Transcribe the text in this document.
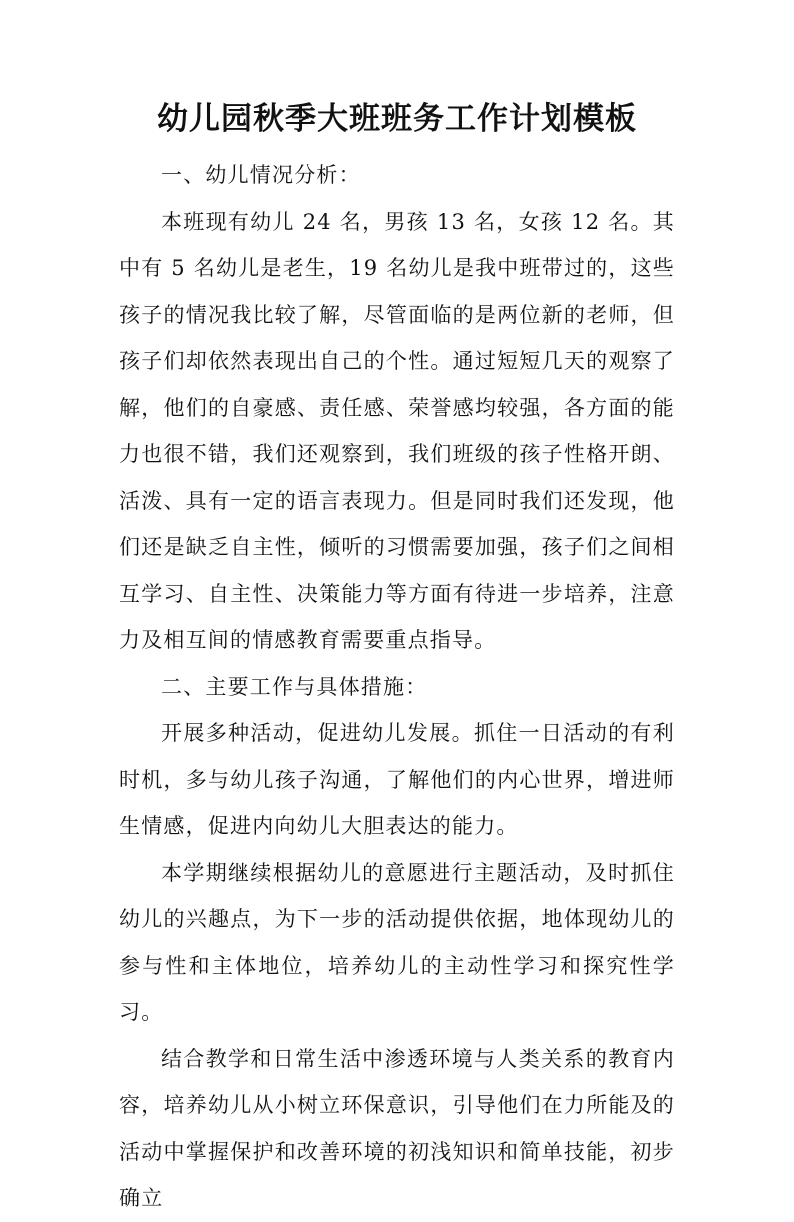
幼儿园秋季大班班务工作计划模板

一、幼儿情况分析：

本班现有幼儿 24 名，男孩 13 名，女孩 12 名。其中有 5 名幼儿是老生，19 名幼儿是我中班带过的，这些孩子的情况我比较了解，尽管面临的是两位新的老师，但孩子们却依然表现出自己的个性。通过短短几天的观察了解，他们的自豪感、责任感、荣誉感均较强，各方面的能力也很不错，我们还观察到，我们班级的孩子性格开朗、活泼、具有一定的语言表现力。但是同时我们还发现，他们还是缺乏自主性，倾听的习惯需要加强，孩子们之间相互学习、自主性、决策能力等方面有待进一步培养，注意力及相互间的情感教育需要重点指导。

二、主要工作与具体措施：

开展多种活动，促进幼儿发展。抓住一日活动的有利时机，多与幼儿孩子沟通，了解他们的内心世界，增进师生情感，促进内向幼儿大胆表达的能力。

本学期继续根据幼儿的意愿进行主题活动，及时抓住幼儿的兴趣点，为下一步的活动提供依据，地体现幼儿的参与性和主体地位，培养幼儿的主动性学习和探究性学习。

结合教学和日常生活中渗透环境与人类关系的教育内容，培养幼儿从小树立环保意识，引导他们在力所能及的活动中掌握保护和改善环境的初浅知识和简单技能，初步确立
